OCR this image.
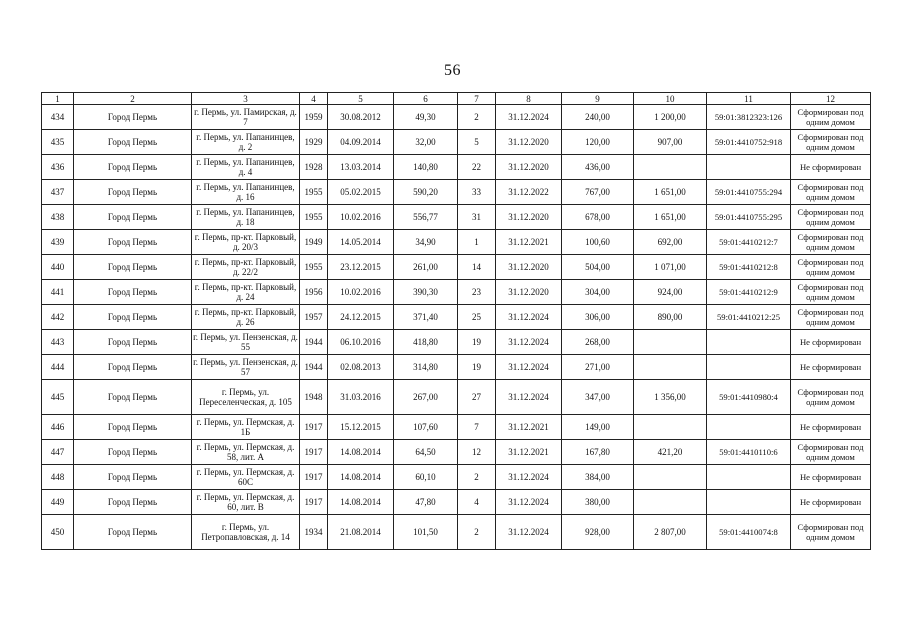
56
1	2	3	4	5	6	7	8	9	10	11	12
434	Город Пермь	г. Пермь, ул. Памирская, д. 7	1959	30.08.2012	49,30	2	31.12.2024	240,00	1 200,00	59:01:3812323:126	Сформирован под одним домом
435	Город Пермь	г. Пермь, ул. Папанинцев, д. 2	1929	04.09.2014	32,00	5	31.12.2020	120,00	907,00	59:01:4410752:918	Сформирован под одним домом
436	Город Пермь	г. Пермь, ул. Папанинцев, д. 4	1928	13.03.2014	140,80	22	31.12.2020	436,00			Не сформирован
437	Город Пермь	г. Пермь, ул. Папанинцев, д. 16	1955	05.02.2015	590,20	33	31.12.2022	767,00	1 651,00	59:01:4410755:294	Сформирован под одним домом
438	Город Пермь	г. Пермь, ул. Папанинцев, д. 18	1955	10.02.2016	556,77	31	31.12.2020	678,00	1 651,00	59:01:4410755:295	Сформирован под одним домом
439	Город Пермь	г. Пермь, пр-кт. Парковый, д. 20/3	1949	14.05.2014	34,90	1	31.12.2021	100,60	692,00	59:01:4410212:7	Сформирован под одним домом
440	Город Пермь	г. Пермь, пр-кт. Парковый, д. 22/2	1955	23.12.2015	261,00	14	31.12.2020	504,00	1 071,00	59:01:4410212:8	Сформирован под одним домом
441	Город Пермь	г. Пермь, пр-кт. Парковый, д. 24	1956	10.02.2016	390,30	23	31.12.2020	304,00	924,00	59:01:4410212:9	Сформирован под одним домом
442	Город Пермь	г. Пермь, пр-кт. Парковый, д. 26	1957	24.12.2015	371,40	25	31.12.2024	306,00	890,00	59:01:4410212:25	Сформирован под одним домом
443	Город Пермь	г. Пермь, ул. Пензенская, д. 55	1944	06.10.2016	418,80	19	31.12.2024	268,00			Не сформирован
444	Город Пермь	г. Пермь, ул. Пензенская, д. 57	1944	02.08.2013	314,80	19	31.12.2024	271,00			Не сформирован
445	Город Пермь	г. Пермь, ул. Переселенческая, д. 105	1948	31.03.2016	267,00	27	31.12.2024	347,00	1 356,00	59:01:4410980:4	Сформирован под одним домом
446	Город Пермь	г. Пермь, ул. Пермская, д. 1Б	1917	15.12.2015	107,60	7	31.12.2021	149,00			Не сформирован
447	Город Пермь	г. Пермь, ул. Пермская, д. 58, лит. А	1917	14.08.2014	64,50	12	31.12.2021	167,80	421,20	59:01:4410110:6	Сформирован под одним домом
448	Город Пермь	г. Пермь, ул. Пермская, д. 60С	1917	14.08.2014	60,10	2	31.12.2024	384,00			Не сформирован
449	Город Пермь	г. Пермь, ул. Пермская, д. 60, лит. В	1917	14.08.2014	47,80	4	31.12.2024	380,00			Не сформирован
450	Город Пермь	г. Пермь, ул. Петропавловская, д. 14	1934	21.08.2014	101,50	2	31.12.2024	928,00	2 807,00	59:01:4410074:8	Сформирован под одним домом
